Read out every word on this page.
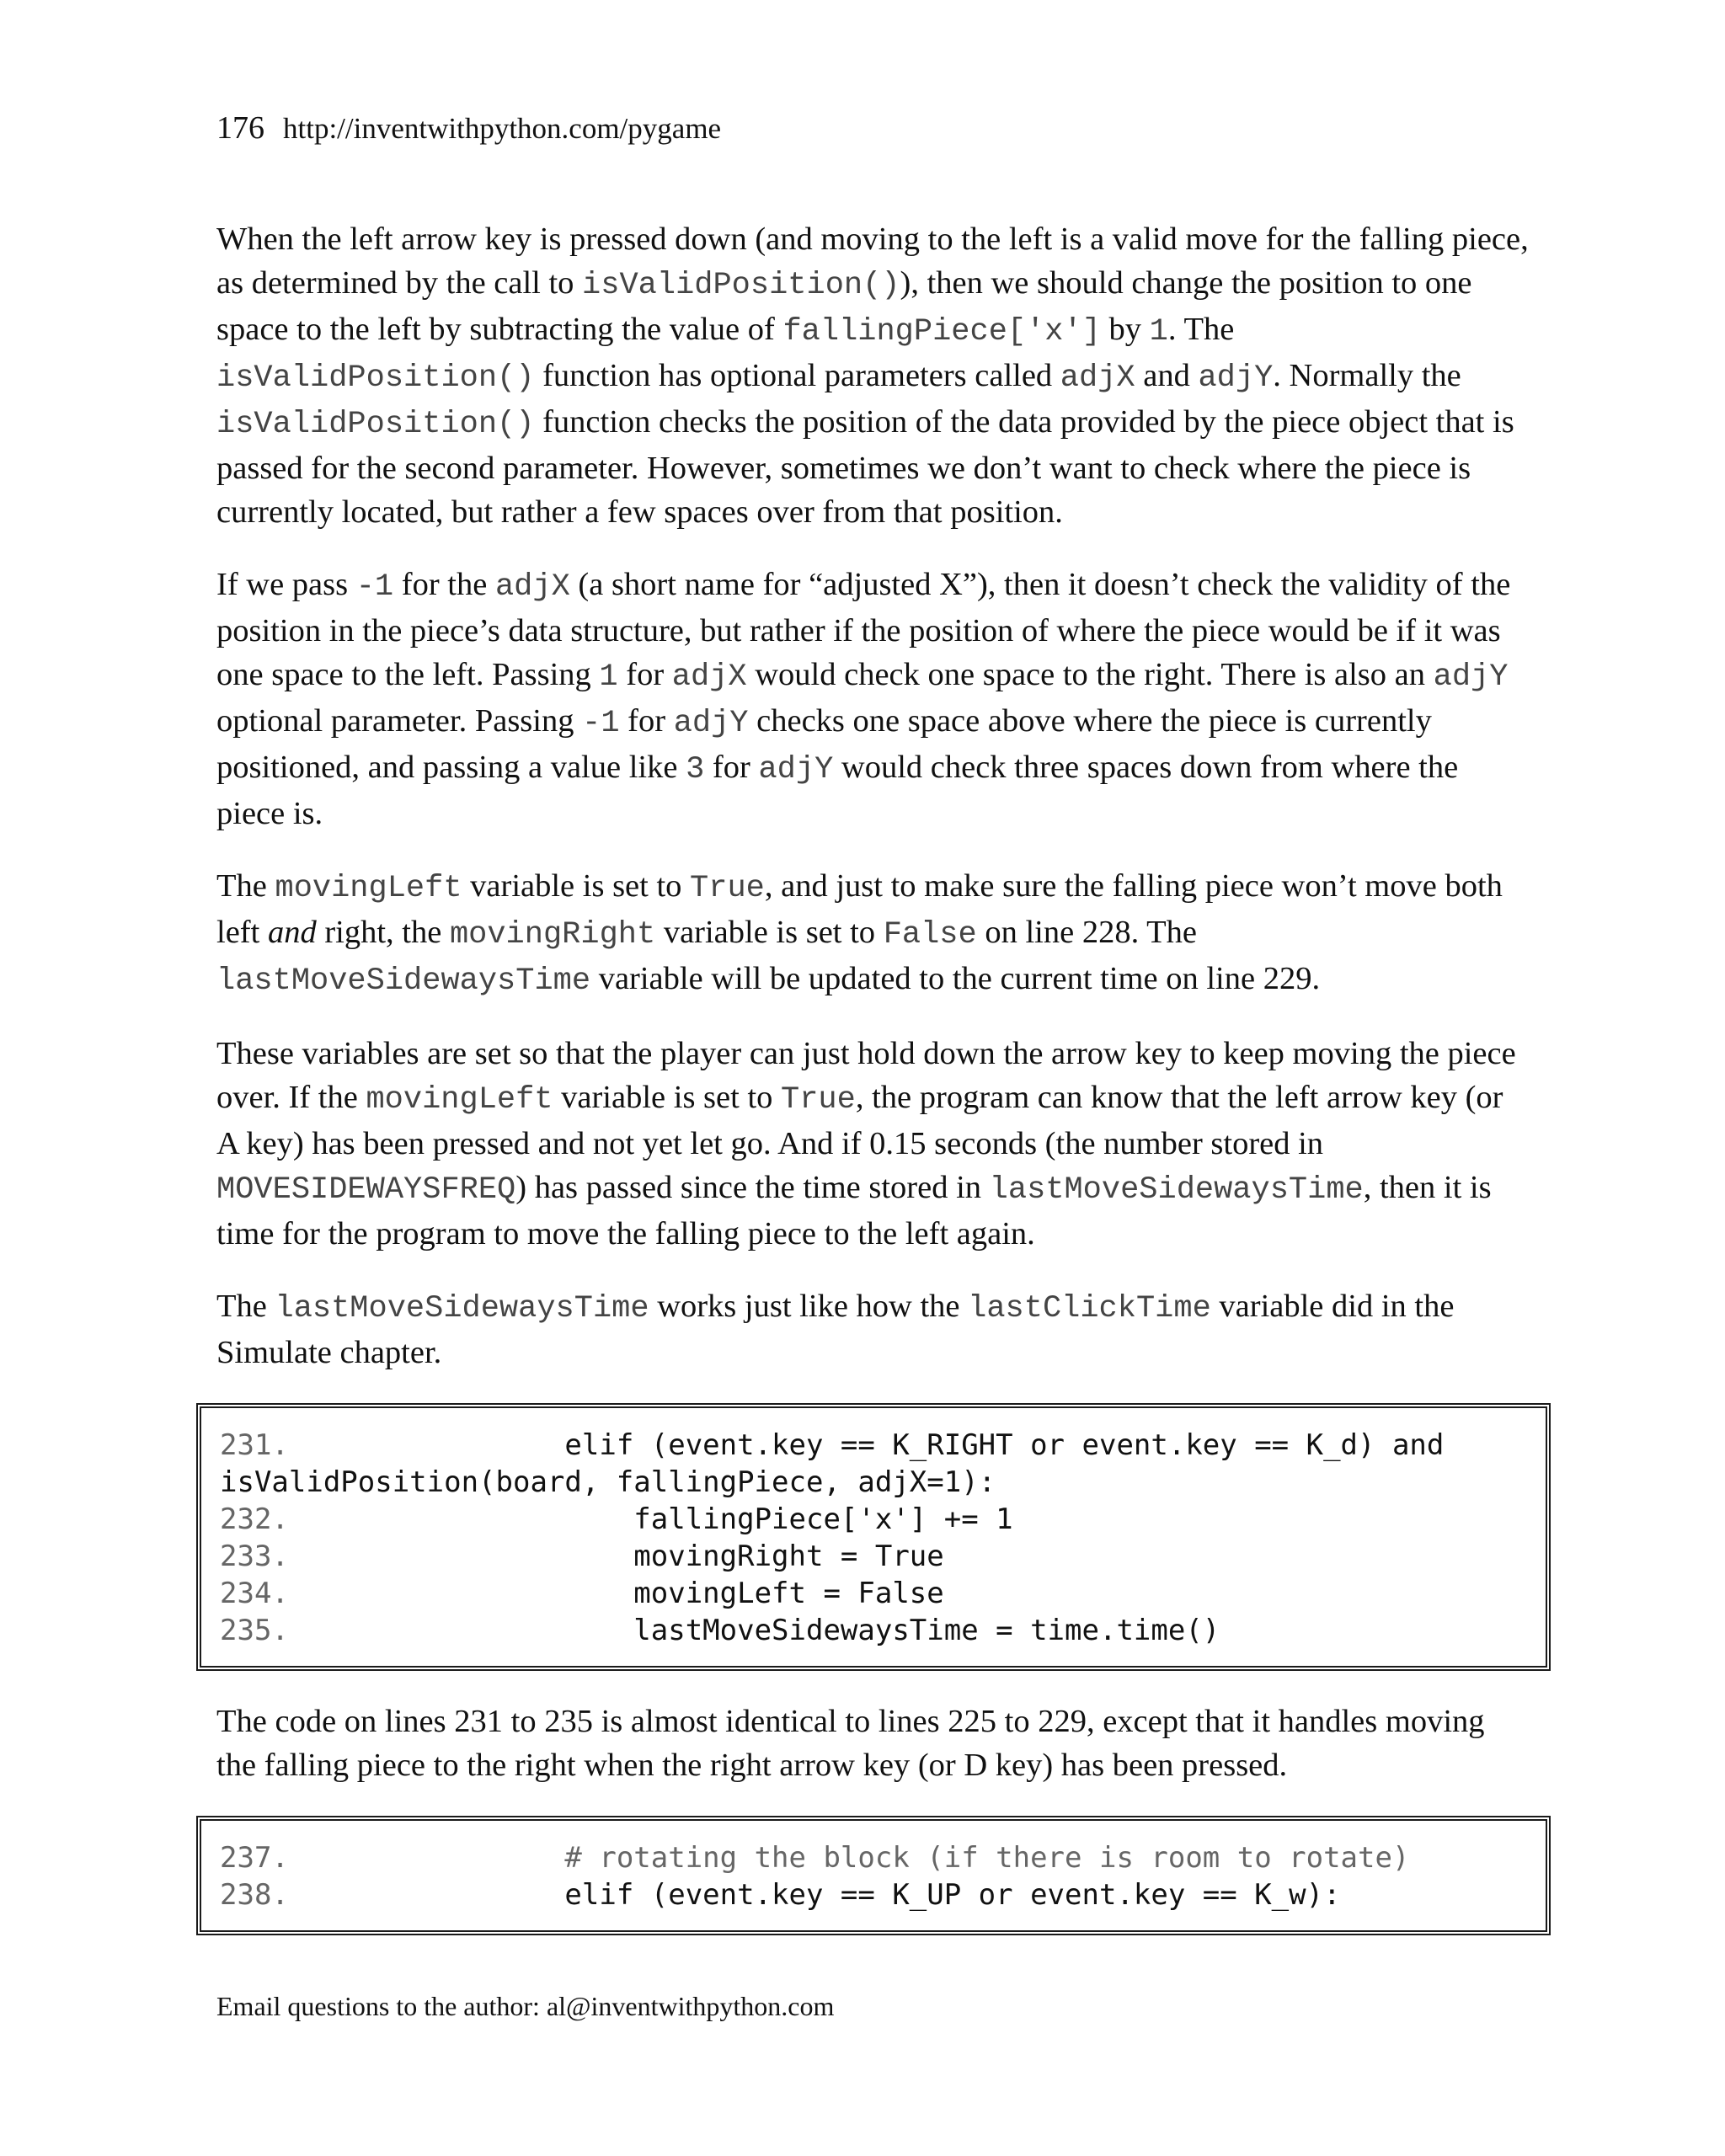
176 http://inventwithpython.com/pygame

When the left arrow key is pressed down (and moving to the left is a valid move for the falling piece, as determined by the call to isValidPosition()), then we should change the position to one space to the left by subtracting the value of fallingPiece['x'] by 1. The isValidPosition() function has optional parameters called adjX and adjY. Normally the isValidPosition() function checks the position of the data provided by the piece object that is passed for the second parameter. However, sometimes we don’t want to check where the piece is currently located, but rather a few spaces over from that position.

If we pass -1 for the adjX (a short name for “adjusted X”), then it doesn’t check the validity of the position in the piece’s data structure, but rather if the position of where the piece would be if it was one space to the left. Passing 1 for adjX would check one space to the right. There is also an adjY optional parameter. Passing -1 for adjY checks one space above where the piece is currently positioned, and passing a value like 3 for adjY would check three spaces down from where the piece is.

The movingLeft variable is set to True, and just to make sure the falling piece won’t move both left and right, the movingRight variable is set to False on line 228. The lastMoveSidewaysTime variable will be updated to the current time on line 229.

These variables are set so that the player can just hold down the arrow key to keep moving the piece over. If the movingLeft variable is set to True, the program can know that the left arrow key (or A key) has been pressed and not yet let go. And if 0.15 seconds (the number stored in MOVESIDEWAYSFREQ) has passed since the time stored in lastMoveSidewaysTime, then it is time for the program to move the falling piece to the left again.

The lastMoveSidewaysTime works just like how the lastClickTime variable did in the Simulate chapter.

231.                elif (event.key == K_RIGHT or event.key == K_d) and
isValidPosition(board, fallingPiece, adjX=1):
232.                    fallingPiece['x'] += 1
233.                    movingRight = True
234.                    movingLeft = False
235.                    lastMoveSidewaysTime = time.time()

The code on lines 231 to 235 is almost identical to lines 225 to 229, except that it handles moving the falling piece to the right when the right arrow key (or D key) has been pressed.

237.                # rotating the block (if there is room to rotate)
238.                elif (event.key == K_UP or event.key == K_w):
Email questions to the author: al@inventwithpython.com
